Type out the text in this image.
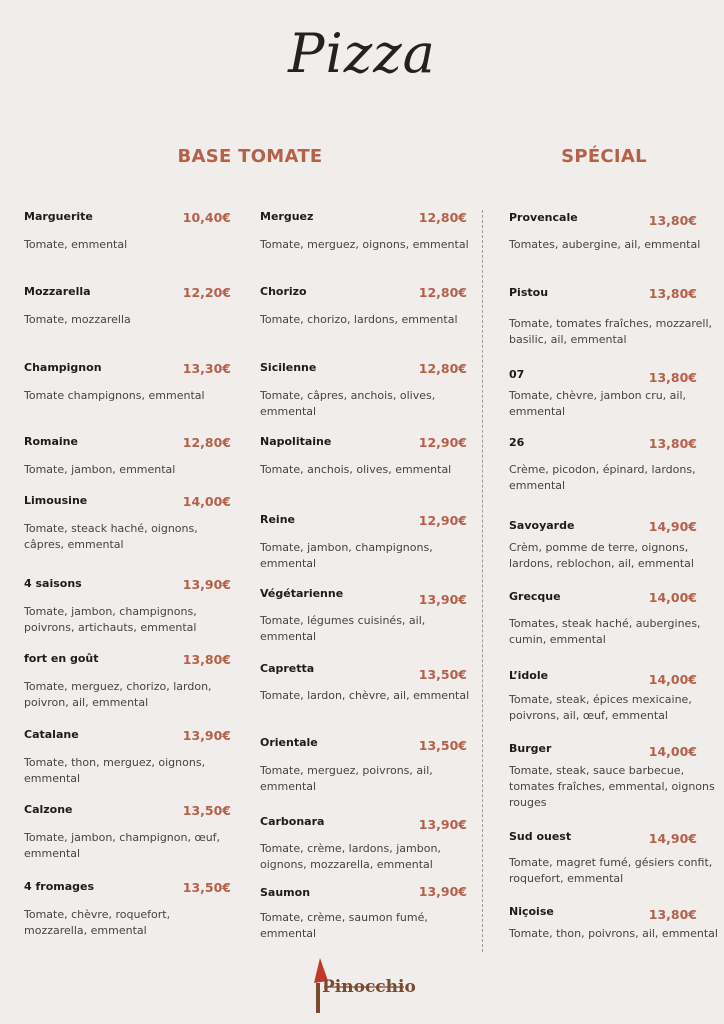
Pizza
BASE TOMATE	SPÉCIAL
Marguerite	10,40€
Tomate, emmental
Mozzarella	12,20€
Tomate, mozzarella
Champignon	13,30€
Tomate champignons, emmental
Romaine	12,80€
Tomate, jambon, emmental
Limousine	14,00€
Tomate, steack haché, oignons, câpres, emmental
4 saisons	13,90€
Tomate, jambon, champignons, poivrons, artichauts, emmental
fort en goût	13,80€
Tomate, merguez, chorizo, lardon, poivron, ail, emmental
Catalane	13,90€
Tomate, thon, merguez, oignons, emmental
Calzone	13,50€
Tomate, jambon, champignon, œuf, emmental
4 fromages	13,50€
Tomate, chèvre, roquefort, mozzarella, emmental
Merguez	12,80€
Tomate, merguez, oignons, emmental
Chorizo	12,80€
Tomate, chorizo, lardons, emmental
Sicilenne	12,80€
Tomate, câpres, anchois, olives, emmental
Napolitaine	12,90€
Tomate, anchois, olives, emmental
Reine	12,90€
Tomate, jambon, champignons, emmental
Végétarienne	13,90€
Tomate, légumes cuisinés, ail, emmental
Capretta	13,50€
Tomate, lardon, chèvre, ail, emmental
Orientale	13,50€
Tomate, merguez, poivrons, ail, emmental
Carbonara	13,90€
Tomate, crème, lardons, jambon, oignons, mozzarella, emmental
Saumon	13,90€
Tomate, crème, saumon fumé, emmental
Provencale	13,80€
Tomates, aubergine, ail, emmental
Pistou	13,80€
Tomate, tomates fraîches, mozzarell, basilic, ail, emmental
07	13,80€
Tomate, chèvre, jambon cru, ail, emmental
26	13,80€
Crème, picodon, épinard, lardons, emmental
Savoyarde	14,90€
Crèm, pomme de terre, oignons, lardons, reblochon, ail, emmental
Grecque	14,00€
Tomates, steak haché, aubergines, cumin, emmental
L’idole	14,00€
Tomate, steak, épices mexicaine, poivrons, ail, œuf, emmental
Burger	14,00€
Tomate, steak, sauce barbecue, tomates fraîches, emmental, oignons rouges
Sud ouest	14,90€
Tomate, magret fumé, gésiers confit, roquefort, emmental
Niçoise	13,80€
Tomate, thon, poivrons, ail, emmental
Pinocchio
